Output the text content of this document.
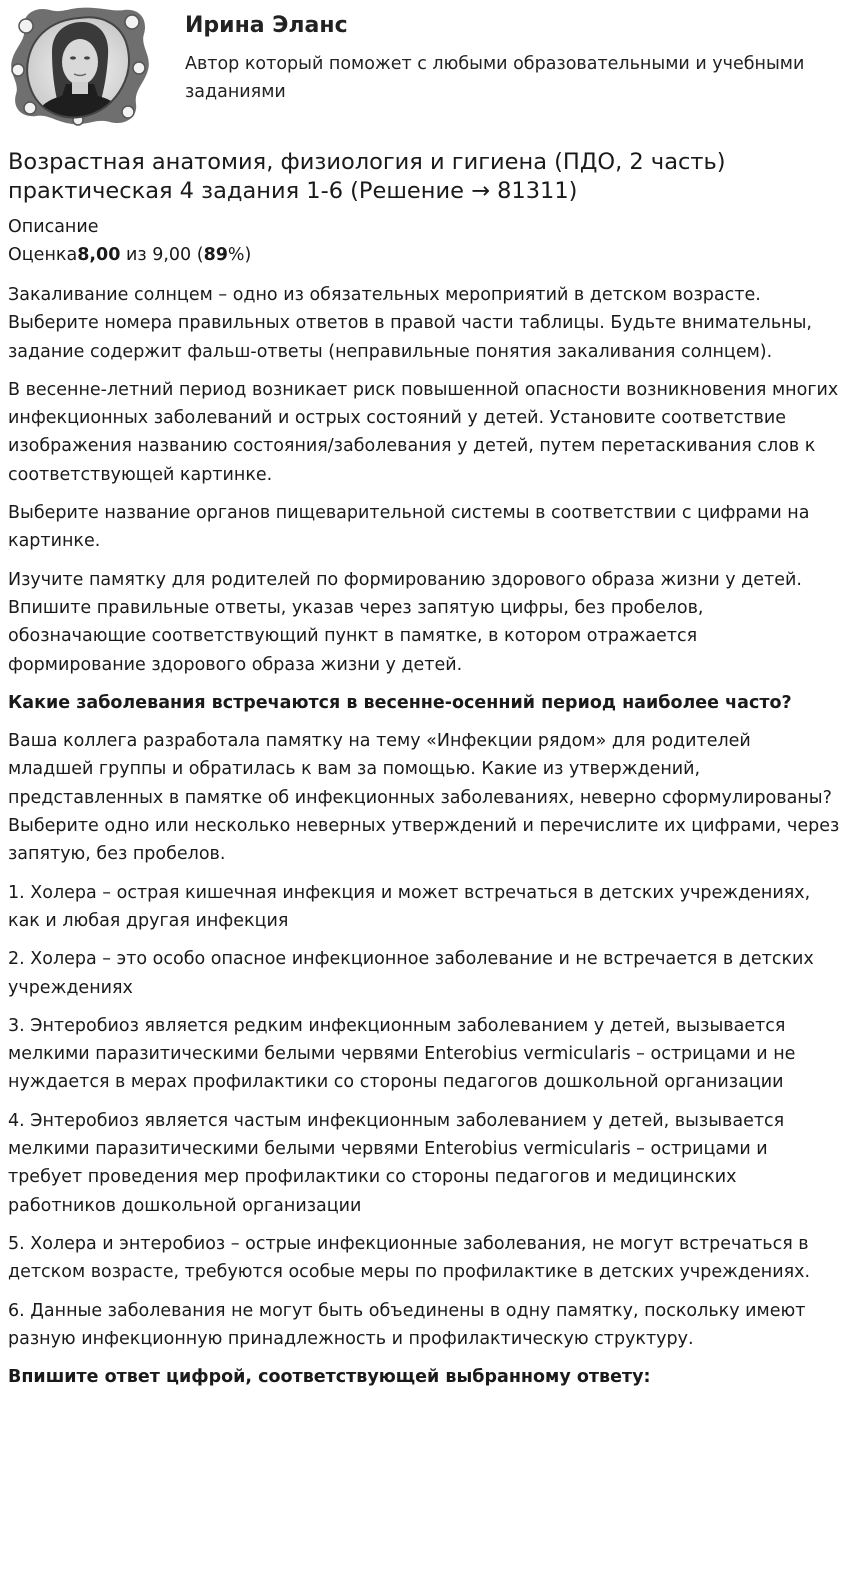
Ирина Эланс
Автор который поможет с любыми образовательными и учебными заданиями
Возрастная анатомия, физиология и гигиена (ПДО, 2 часть) практическая 4 задания 1-6 (Решение → 81311)

Описание

Оценка8,00 из 9,00 (89%)

Закаливание солнцем – одно из обязательных мероприятий в детском возрасте. Выберите номера правильных ответов в правой части таблицы. Будьте внимательны, задание содержит фальш-ответы (неправильные понятия закаливания солнцем).

В весенне-летний период возникает риск повышенной опасности возникновения многих инфекционных заболеваний и острых состояний у детей. Установите соответствие изображения названию состояния/заболевания у детей, путем перетаскивания слов к соответствующей картинке.

Выберите название органов пищеварительной системы в соответствии с цифрами на картинке.

Изучите памятку для родителей по формированию здорового образа жизни у детей. Впишите правильные ответы, указав через запятую цифры, без пробелов, обозначающие соответствующий пункт в памятке, в котором отражается формирование здорового образа жизни у детей.

Какие заболевания встречаются в весенне-осенний период наиболее часто?

Ваша коллега разработала памятку на тему «Инфекции рядом» для родителей младшей группы и обратилась к вам за помощью. Какие из утверждений, представленных в памятке об инфекционных заболеваниях, неверно сформулированы? Выберите одно или несколько неверных утверждений и перечислите их цифрами, через запятую, без пробелов.

1. Холера – острая кишечная инфекция и может встречаться в детских учреждениях, как и любая другая инфекция

2. Холера – это особо опасное инфекционное заболевание и не встречается в детских учреждениях

3. Энтеробиоз является редким инфекционным заболеванием у детей, вызывается мелкими паразитическими белыми червями Enterobius vermicularis – острицами и не нуждается в мерах профилактики со стороны педагогов дошкольной организации

4. Энтеробиоз является частым инфекционным заболеванием у детей, вызывается мелкими паразитическими белыми червями Enterobius vermicularis – острицами и требует проведения мер профилактики со стороны педагогов и медицинских работников дошкольной организации

5. Холера и энтеробиоз – острые инфекционные заболевания, не могут встречаться в детском возрасте, требуются особые меры по профилактике в детских учреждениях.

6. Данные заболевания не могут быть объединены в одну памятку, поскольку имеют разную инфекционную принадлежность и профилактическую структуру.

Впишите ответ цифрой, соответствующей выбранному ответу:
